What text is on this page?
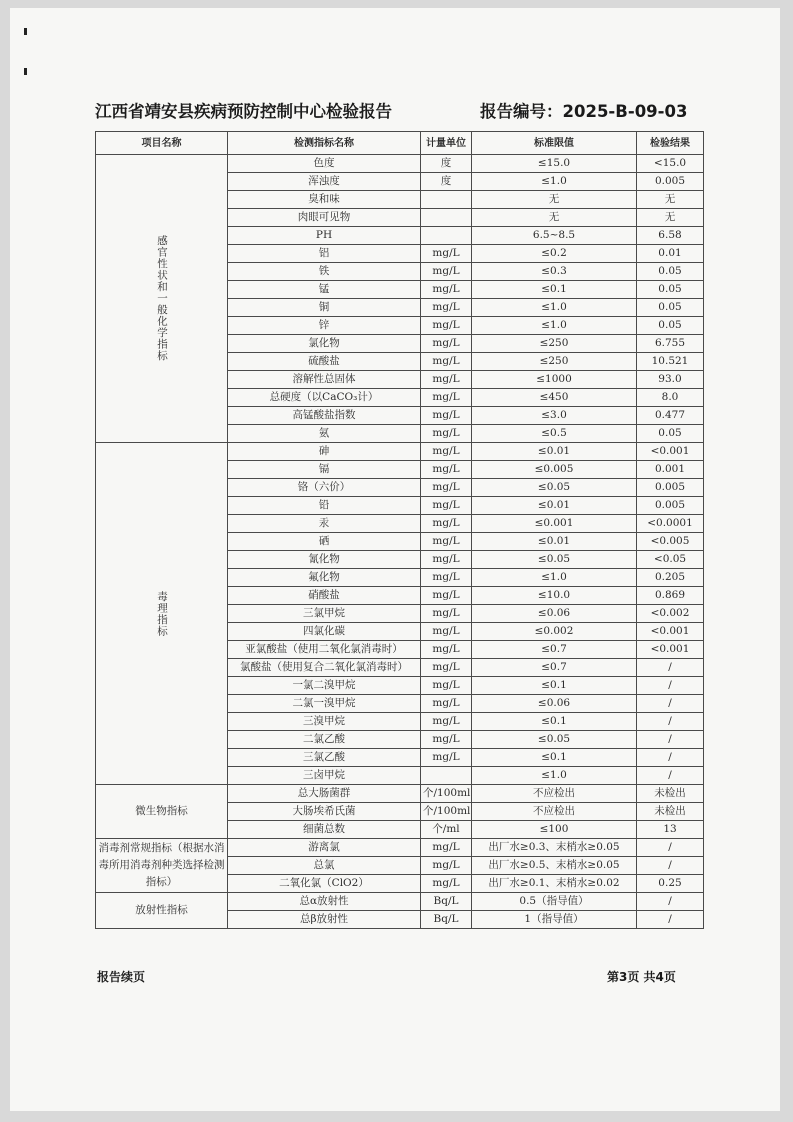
江西省靖安县疾病预防控制中心检验报告	报告编号：2025-B-09-03
项目名称	检测指标名称	计量单位	标准限值	检验结果
感官性状和一般化学指标	色度	度	≤15.0	<15.0
	浑浊度	度	≤1.0	0.005
	臭和味		无	无
	肉眼可见物		无	无
	PH		6.5~8.5	6.58
	铝	mg/L	≤0.2	0.01
	铁	mg/L	≤0.3	0.05
	锰	mg/L	≤0.1	0.05
	铜	mg/L	≤1.0	0.05
	锌	mg/L	≤1.0	0.05
	氯化物	mg/L	≤250	6.755
	硫酸盐	mg/L	≤250	10.521
	溶解性总固体	mg/L	≤1000	93.0
	总硬度（以CaCO₃计）	mg/L	≤450	8.0
	高锰酸盐指数	mg/L	≤3.0	0.477
	氨	mg/L	≤0.5	0.05
毒理指标	砷	mg/L	≤0.01	<0.001
	镉	mg/L	≤0.005	0.001
	铬（六价）	mg/L	≤0.05	0.005
	铅	mg/L	≤0.01	0.005
	汞	mg/L	≤0.001	<0.0001
	硒	mg/L	≤0.01	<0.005
	氰化物	mg/L	≤0.05	<0.05
	氟化物	mg/L	≤1.0	0.205
	硝酸盐	mg/L	≤10.0	0.869
	三氯甲烷	mg/L	≤0.06	<0.002
	四氯化碳	mg/L	≤0.002	<0.001
	亚氯酸盐（使用二氧化氯消毒时）	mg/L	≤0.7	<0.001
	氯酸盐（使用复合二氧化氯消毒时）	mg/L	≤0.7	/
	一氯二溴甲烷	mg/L	≤0.1	/
	二氯一溴甲烷	mg/L	≤0.06	/
	三溴甲烷	mg/L	≤0.1	/
	二氯乙酸	mg/L	≤0.05	/
	三氯乙酸	mg/L	≤0.1	/
	三卤甲烷		≤1.0	/
微生物指标	总大肠菌群	个/100ml	不应检出	未检出
	大肠埃希氏菌	个/100ml	不应检出	未检出
	细菌总数	个/ml	≤100	13
消毒剂常规指标（根据水消毒所用消毒剂种类选择检测指标）	游离氯	mg/L	出厂水≥0.3、末梢水≥0.05	/
	总氯	mg/L	出厂水≥0.5、末梢水≥0.05	/
	二氧化氯（ClO2）	mg/L	出厂水≥0.1、末梢水≥0.02	0.25
放射性指标	总α放射性	Bq/L	0.5（指导值）	/
	总β放射性	Bq/L	1（指导值）	/
报告续页	第3页 共4页
